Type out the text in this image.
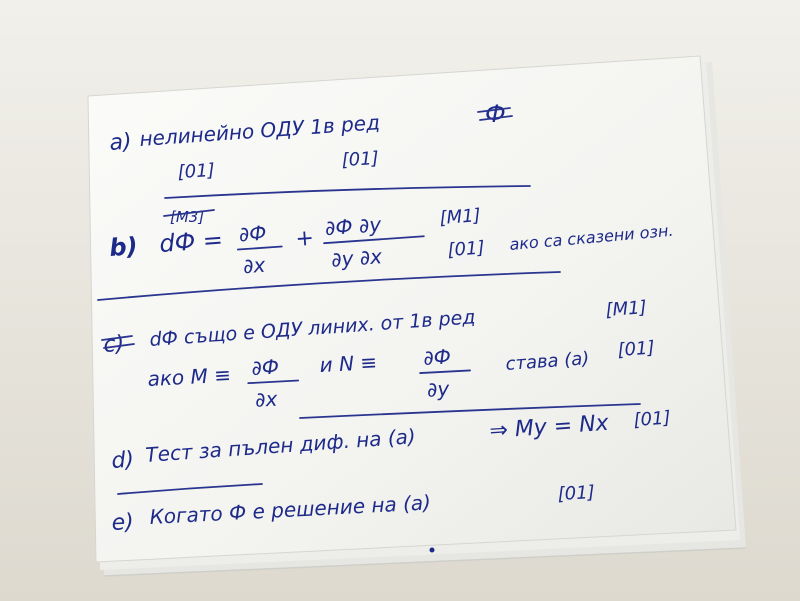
a) нелинейно ОДУ 1в ред	Ф
[01]
[01]
[М3]
b) dФ = ∂Ф
∂x
+ ∂Ф ∂y
∂y ∂x
[М1]
[01] ако са сказени озн.
c) dФ също е ОДУ линих. от 1в ред	[М1]
ако M ≡ ∂Ф
∂x
и N ≡ ∂Ф
∂y
става (а) [01]
d) Тест за пълен диф. на (а)	⇒ My = Nx [01]
e) Когато Ф е решение на (а)	[01]
